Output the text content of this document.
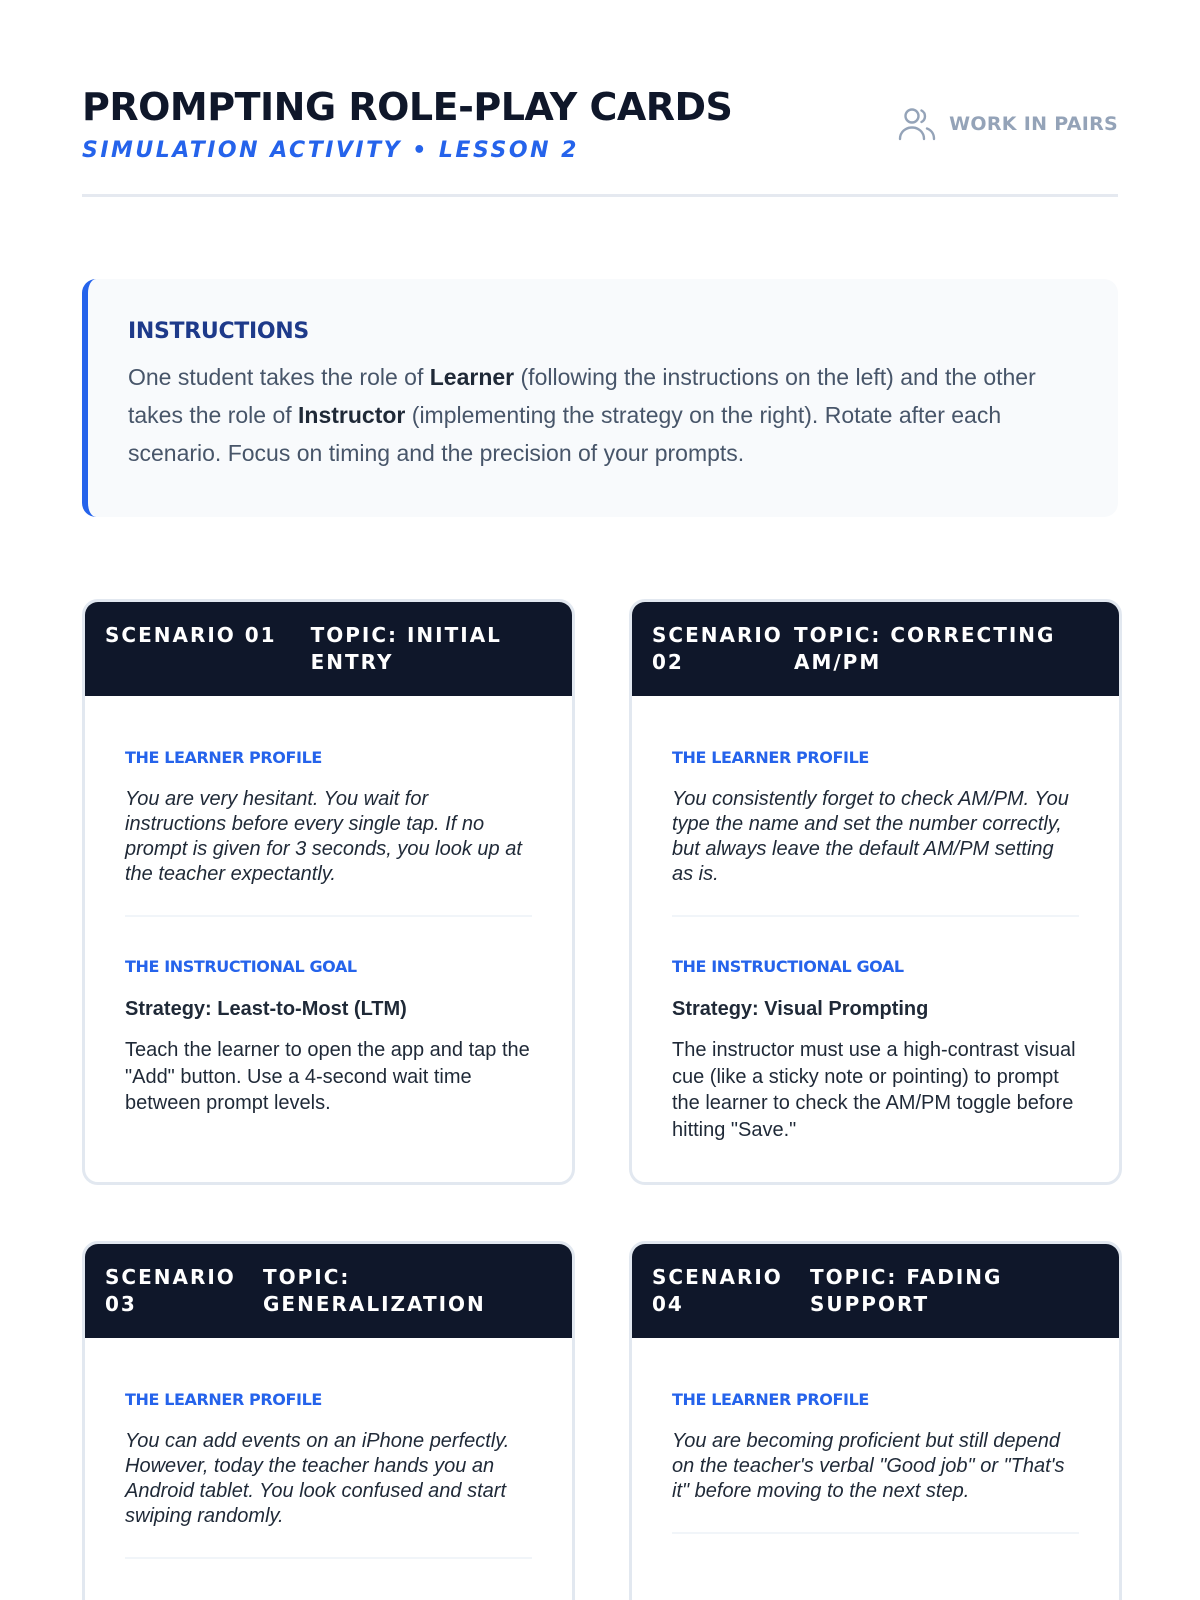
PROMPTING ROLE-PLAY CARDS
SIMULATION ACTIVITY • LESSON 2
WORK IN PAIRS
INSTRUCTIONS

One student takes the role of Learner (following the instructions on the left) and the other takes the role of Instructor (implementing the strategy on the right). Rotate after each scenario. Focus on timing and the precision of your prompts.

SCENARIO 01 TOPIC: INITIAL ENTRY
THE LEARNER PROFILE

You are very hesitant. You wait for instructions before every single tap. If no prompt is given for 3 seconds, you look up at the teacher expectantly.

THE INSTRUCTIONAL GOAL
Strategy: Least-to-Most (LTM)

Teach the learner to open the app and tap the "Add" button. Use a 4-second wait time between prompt levels.

SCENARIO 02
TOPIC: CORRECTING AM/PM
THE LEARNER PROFILE

You consistently forget to check AM/PM. You type the name and set the number correctly, but always leave the default AM/PM setting as is.

THE INSTRUCTIONAL GOAL
Strategy: Visual Prompting

The instructor must use a high-contrast visual cue (like a sticky note or pointing) to prompt the learner to check the AM/PM toggle before hitting "Save."

SCENARIO 03
TOPIC: GENERALIZATION
THE LEARNER PROFILE

You can add events on an iPhone perfectly. However, today the teacher hands you an Android tablet. You look confused and start swiping randomly.

SCENARIO 04
TOPIC: FADING SUPPORT
THE LEARNER PROFILE

You are becoming proficient but still depend on the teacher's verbal "Good job" or "That's it" before moving to the next step.
